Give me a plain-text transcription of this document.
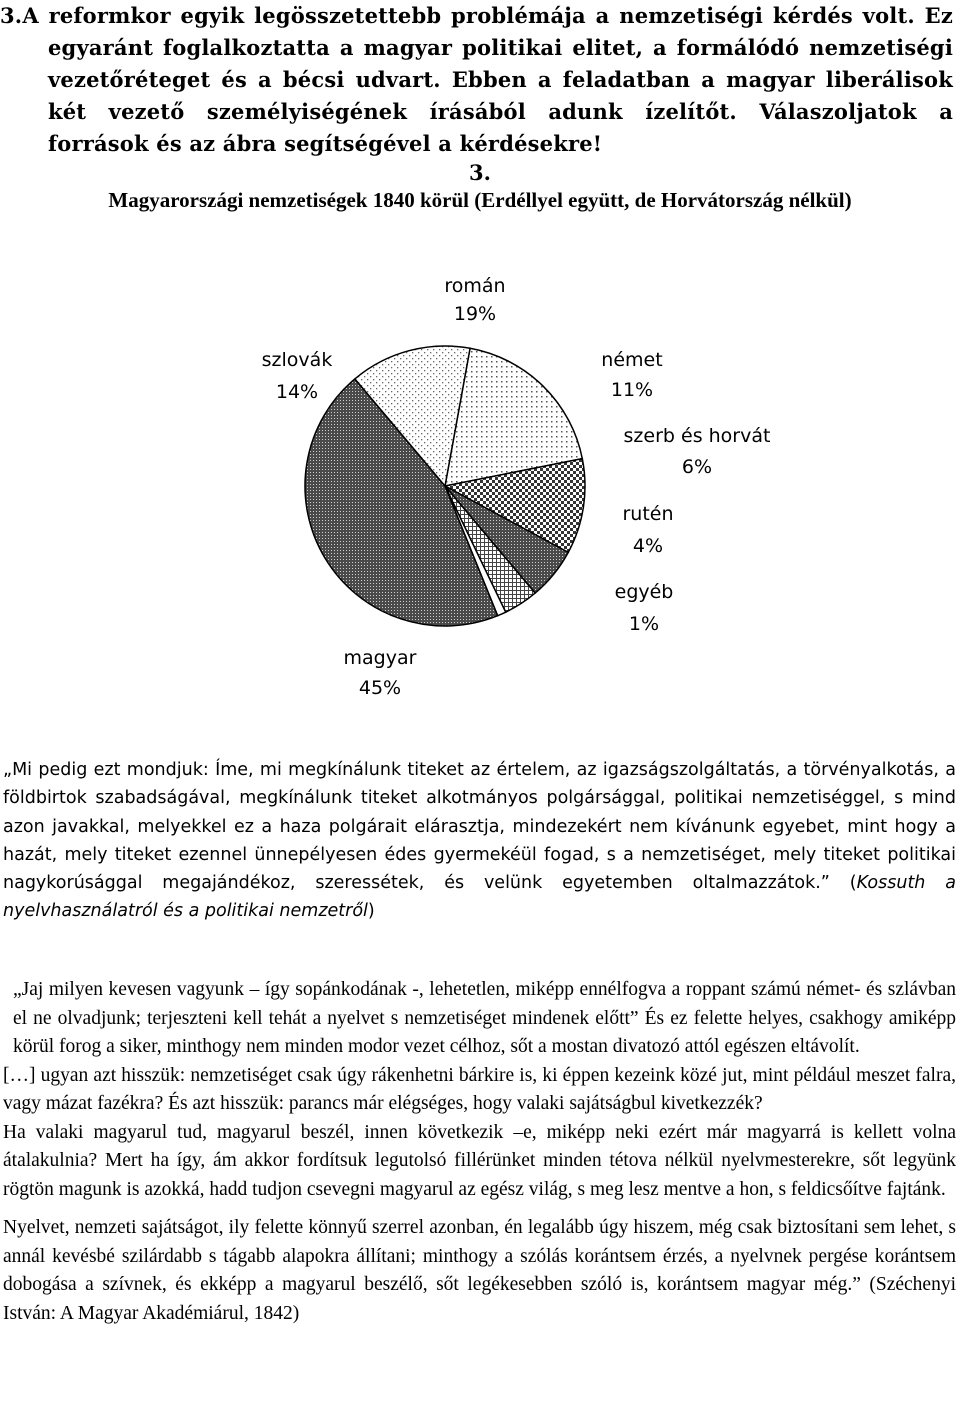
3.A reformkor egyik legösszetettebb problémája a nemzetiségi kérdés volt. Ez egyaránt foglalkoztatta a magyar politikai elitet, a formálódó nemzetiségi vezetőréteget és a bécsi udvart. Ebben a feladatban a magyar liberálisok két vezető személyiségének írásából adunk ízelítőt. Válaszoljatok a források és az ábra segítségével a kérdésekre!
3.
Magyarországi nemzetiségek 1840 körül (Erdéllyel együtt, de Horvátország nélkül)
román
19%
német
11%
szerb és horvát
6%
rutén
4%
egyéb
1%
magyar
45%
szlovák
14%
„Mi pedig ezt mondjuk: Íme, mi megkínálunk titeket az értelem, az igazságszolgáltatás, a törvényalkotás, a földbirtok szabadságával, megkínálunk titeket alkotmányos polgársággal, politikai nemzetiséggel, s mind azon javakkal, melyekkel ez a haza polgárait elárasztja, mindezekért nem kívánunk egyebet, mint hogy a hazát, mely titeket ezennel ünnepélyesen édes gyermekéül fogad, s a nemzetiséget, mely titeket politikai nagykorúsággal megajándékoz, szeressétek, és velünk egyetemben oltalmazzátok.” (Kossuth a nyelvhasználatról és a politikai nemzetről)

„Jaj milyen kevesen vagyunk – így sopánkodának -, lehetetlen, miképp ennélfogva a roppant számú német- és szlávban el ne olvadjunk; terjeszteni kell tehát a nyelvet s nemzetiséget mindenek előtt” És ez felette helyes, csakhogy amiképp körül forog a siker, minthogy nem minden modor vezet célhoz, sőt a mostan divatozó attól egészen eltávolít.

[…] ugyan azt hisszük: nemzetiséget csak úgy rákenhetni bárkire is, ki éppen kezeink közé jut, mint például meszet falra, vagy mázat fazékra? És azt hisszük: parancs már elégséges, hogy valaki sajátságbul kivetkezzék?

Ha valaki magyarul tud, magyarul beszél, innen következik –e, miképp neki ezért már magyarrá is kellett volna átalakulnia? Mert ha így, ám akkor fordítsuk legutolsó fillérünket minden tétova nélkül nyelvmesterekre, sőt legyünk rögtön magunk is azokká, hadd tudjon csevegni magyarul az egész világ, s meg lesz mentve a hon, s feldicsőítve fajtánk.

Nyelvet, nemzeti sajátságot, ily felette könnyű szerrel azonban, én legalább úgy hiszem, még csak biztosítani sem lehet, s annál kevésbé szilárdabb s tágabb alapokra állítani; minthogy a szólás korántsem érzés, a nyelvnek pergése korántsem dobogása a szívnek, és ekképp a magyarul beszélő, sőt legékesebben szóló is, korántsem magyar még.” (Széchenyi István: A Magyar Akadémiárul, 1842)
